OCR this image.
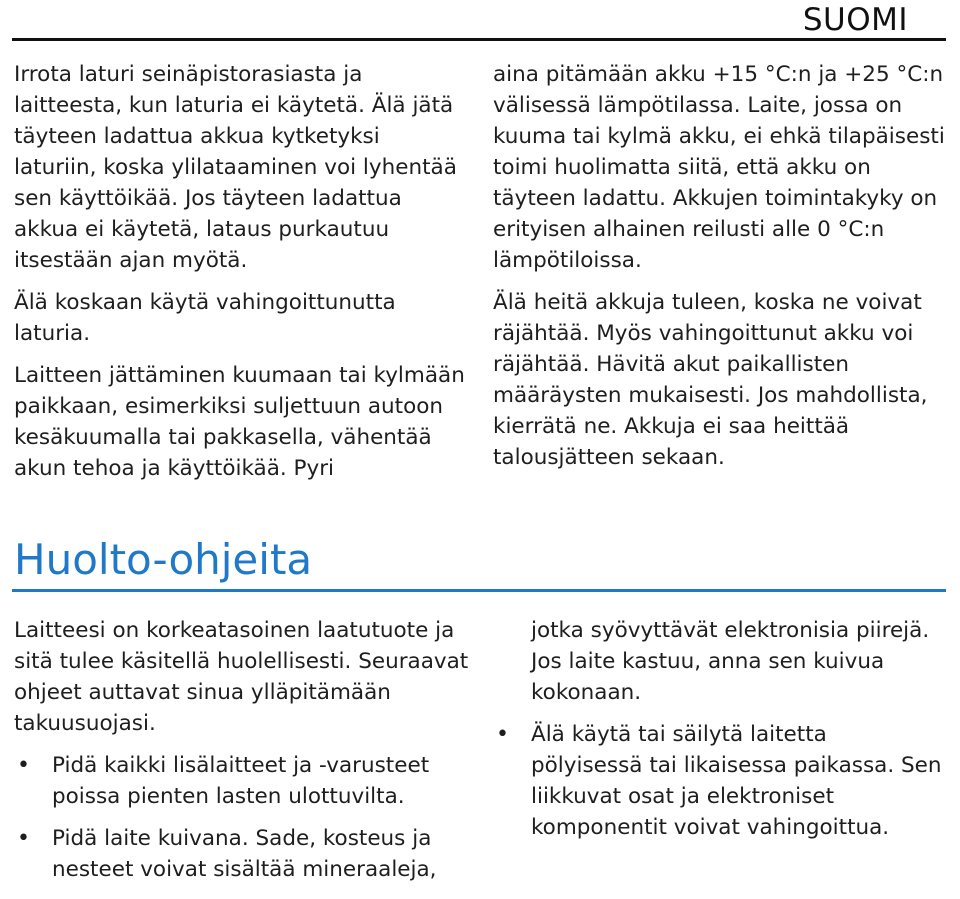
SUOMI

Irrota laturi seinäpistorasiasta ja laitteesta, kun laturia ei käytetä. Älä jätä täyteen ladattua akkua kytketyksi laturiin, koska ylilataaminen voi lyhentää sen käyttöikää. Jos täyteen ladattua akkua ei käytetä, lataus purkautuu itsestään ajan myötä.

Älä koskaan käytä vahingoittunutta laturia.

Laitteen jättäminen kuumaan tai kylmään paikkaan, esimerkiksi suljettuun autoon kesäkuumalla tai pakkasella, vähentää akun tehoa ja käyttöikää. Pyri

aina pitämään akku +15 °C:n ja +25 °C:n välisessä lämpötilassa. Laite, jossa on kuuma tai kylmä akku, ei ehkä tilapäisesti toimi huolimatta siitä, että akku on täyteen ladattu. Akkujen toimintakyky on erityisen alhainen reilusti alle 0 °C:n lämpötiloissa.

Älä heitä akkuja tuleen, koska ne voivat räjähtää. Myös vahingoittunut akku voi räjähtää. Hävitä akut paikallisten määräysten mukaisesti. Jos mahdollista, kierrätä ne. Akkuja ei saa heittää talousjätteen sekaan.

Huolto-ohjeita

Laitteesi on korkeatasoinen laatutuote ja sitä tulee käsitellä huolellisesti. Seuraavat ohjeet auttavat sinua ylläpitämään takuusuojasi.

• Pidä kaikki lisälaitteet ja -varusteet poissa pienten lasten ulottuvilta.
• Pidä laite kuivana. Sade, kosteus ja nesteet voivat sisältää mineraaleja,

jotka syövyttävät elektronisia piirejä. Jos laite kastuu, anna sen kuivua kokonaan.

• Älä käytä tai säilytä laitetta pölyisessä tai likaisessa paikassa. Sen liikkuvat osat ja elektroniset komponentit voivat vahingoittua.
